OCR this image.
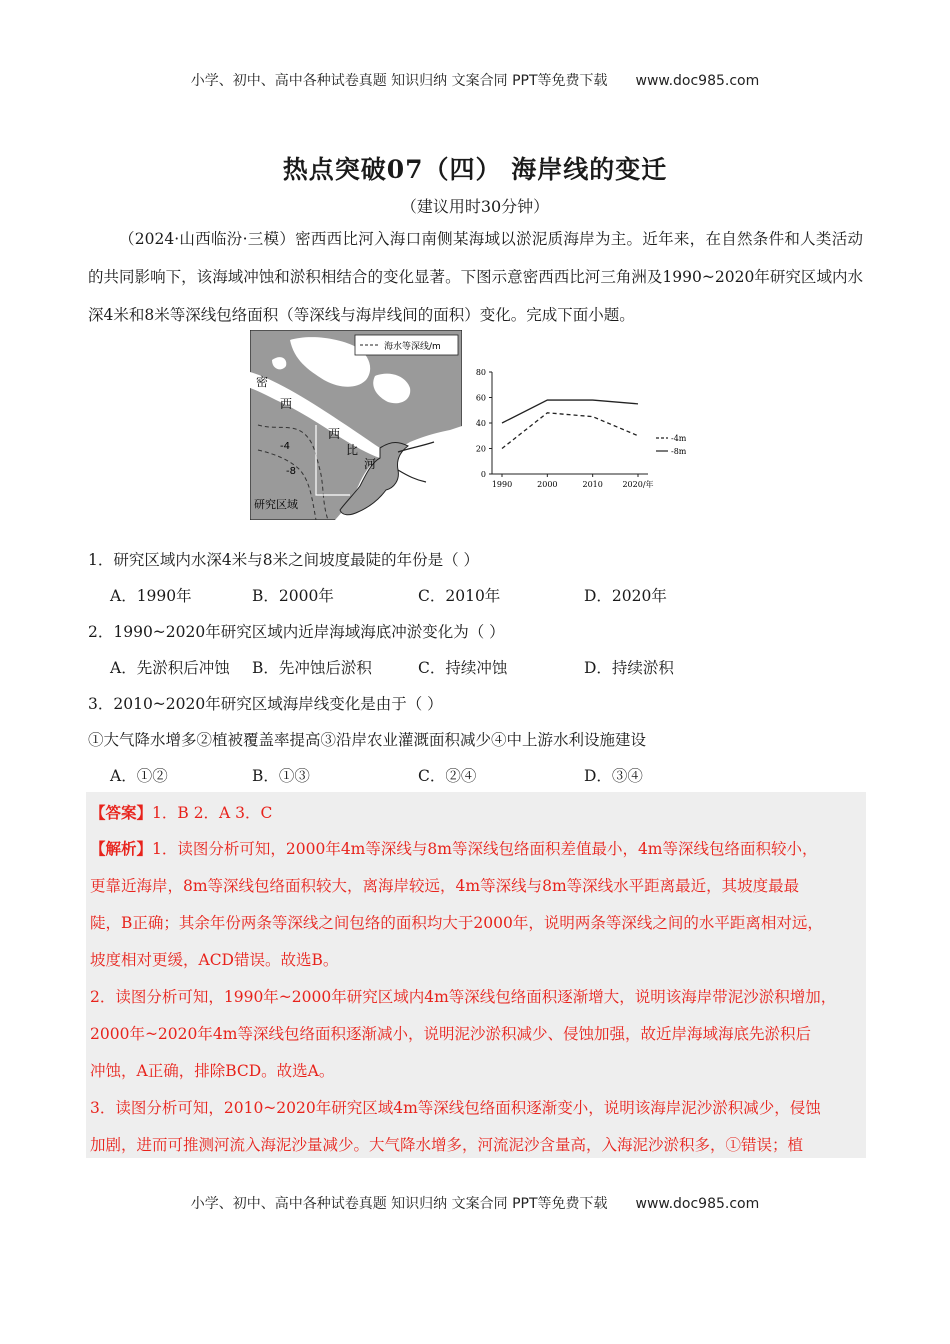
小学、初中、高中各种试卷真题 知识归纳 文案合同 PPT等免费下载 www.doc985.com
热点突破07（四） 海岸线的变迁
（建议用时30分钟）
（2024·山西临汾·三模）密西西比河入海口南侧某海域以淤泥质海岸为主。近年来，在自然条件和人类活动的共同影响下，该海域冲蚀和淤积相结合的变化显著。下图示意密西西比河三角洲及1990~2020年研究区域内水深4米和8米等深线包络面积（等深线与海岸线间的面积）变化。完成下面小题。
海水等深线/m
密
西
西
比
河
-4
-8
研究区域
0
20
40
60
80
1990	2000	2010 2020/年
-4m
-8m
1．研究区域内水深4米与8米之间坡度最陡的年份是（ ）
A．1990年	B．2000年	C．2010年	D．2020年
2．1990~2020年研究区域内近岸海域海底冲淤变化为（ ）
A．先淤积后冲蚀 B．先冲蚀后淤积	C．持续冲蚀	D．持续淤积
3．2010~2020年研究区域海岸线变化是由于（ ）
①大气降水增多②植被覆盖率提高③沿岸农业灌溉面积减少④中上游水利设施建设
A．①②	B．①③	C．②④	D．③④
【答案】1．B 2．A 3．C
【解析】1．读图分析可知，2000年4m等深线与8m等深线包络面积差值最小，4m等深线包络面积较小，
更靠近海岸，8m等深线包络面积较大，离海岸较远，4m等深线与8m等深线水平距离最近，其坡度最最
陡，B正确；其余年份两条等深线之间包络的面积均大于2000年，说明两条等深线之间的水平距离相对远，
坡度相对更缓，ACD错误。故选B。
2．读图分析可知，1990年~2000年研究区域内4m等深线包络面积逐渐增大，说明该海岸带泥沙淤积增加，
2000年~2020年4m等深线包络面积逐渐减小，说明泥沙淤积减少、侵蚀加强，故近岸海域海底先淤积后
冲蚀，A正确，排除BCD。故选A。
3．读图分析可知，2010~2020年研究区域4m等深线包络面积逐渐变小，说明该海岸泥沙淤积减少，侵蚀
加剧，进而可推测河流入海泥沙量减少。大气降水增多，河流泥沙含量高，入海泥沙淤积多，①错误；植
小学、初中、高中各种试卷真题 知识归纳 文案合同 PPT等免费下载 www.doc985.com
